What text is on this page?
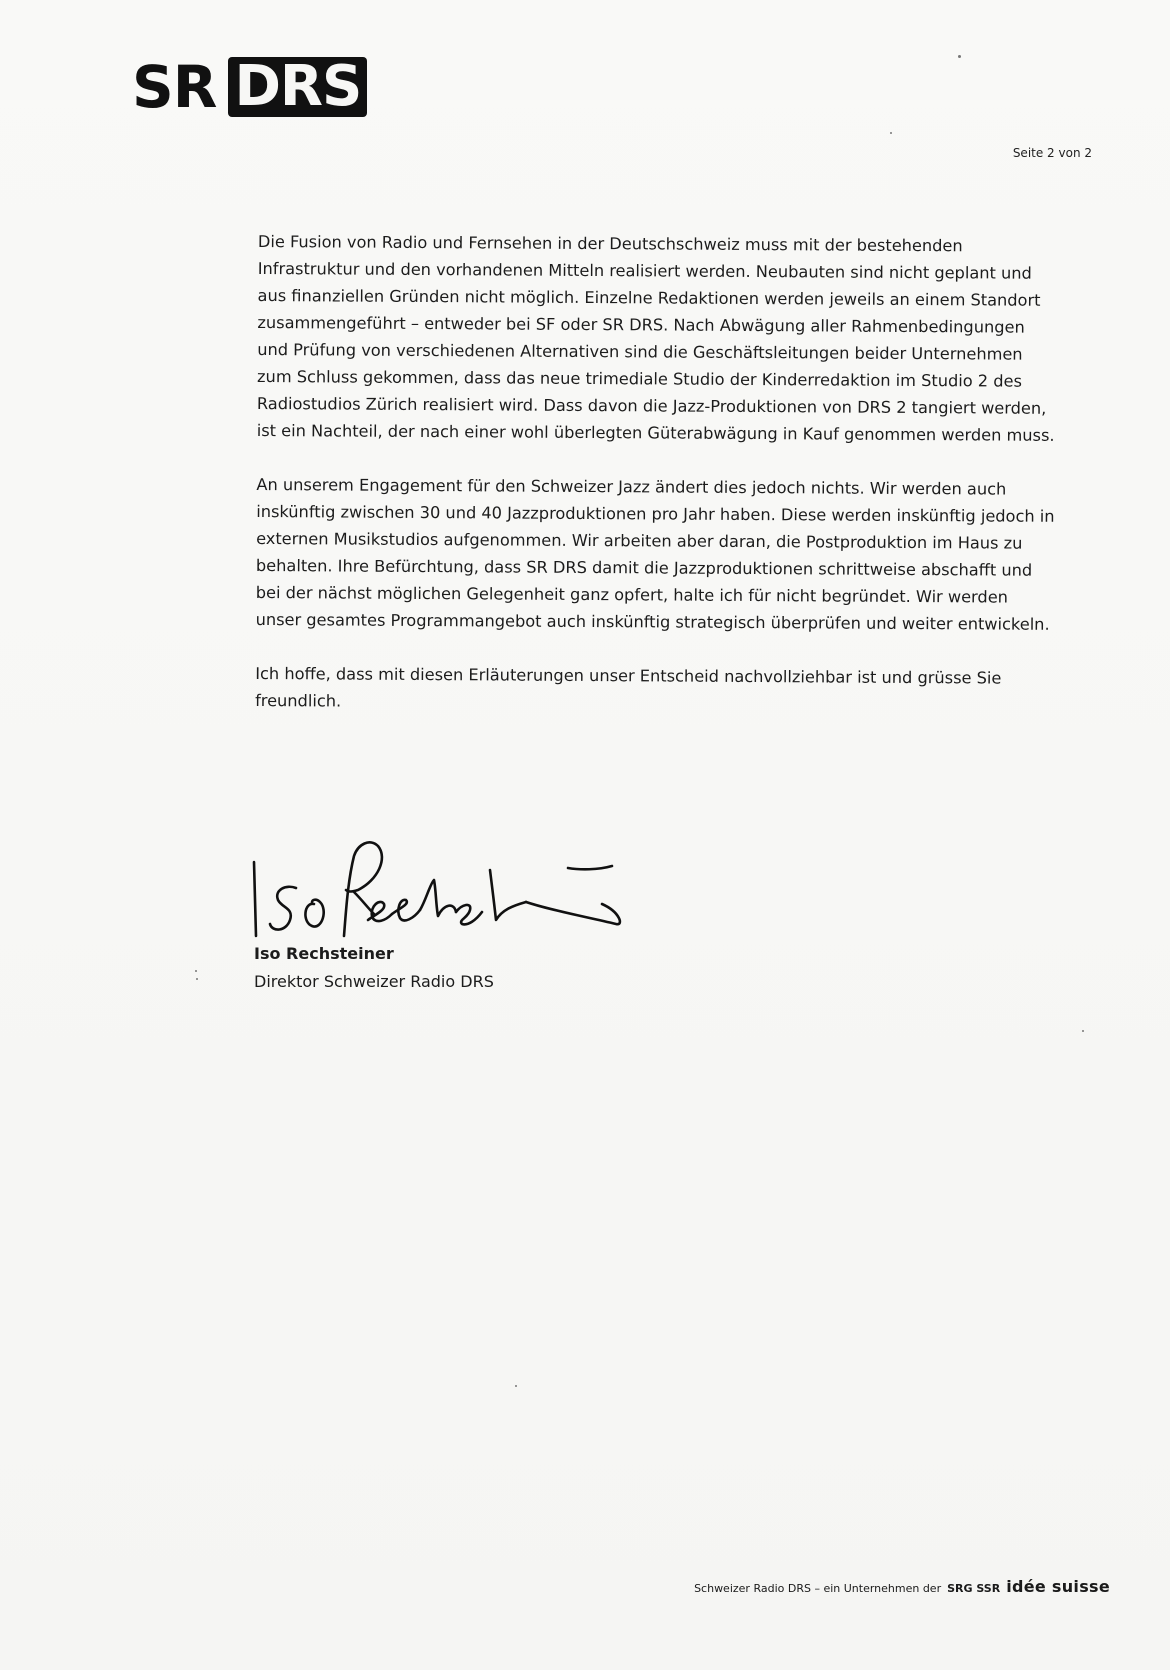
SR DRS
Seite 2 von 2

Die Fusion von Radio und Fernsehen in der Deutschschweiz muss mit der bestehenden Infrastruktur und den vorhandenen Mitteln realisiert werden. Neubauten sind nicht geplant und aus finanziellen Gründen nicht möglich. Einzelne Redaktionen werden jeweils an einem Standort zusammengeführt – entweder bei SF oder SR DRS. Nach Abwägung aller Rahmenbedingungen und Prüfung von verschiedenen Alternativen sind die Geschäftsleitungen beider Unternehmen zum Schluss gekommen, dass das neue trimediale Studio der Kinderredaktion im Studio 2 des Radiostudios Zürich realisiert wird. Dass davon die Jazz-Produktionen von DRS 2 tangiert werden, ist ein Nachteil, der nach einer wohl überlegten Güterabwägung in Kauf genommen werden muss.

An unserem Engagement für den Schweizer Jazz ändert dies jedoch nichts. Wir werden auch inskünftig zwischen 30 und 40 Jazzproduktionen pro Jahr haben. Diese werden inskünftig jedoch in externen Musikstudios aufgenommen. Wir arbeiten aber daran, die Postproduktion im Haus zu behalten. Ihre Befürchtung, dass SR DRS damit die Jazzproduktionen schrittweise abschafft und bei der nächst möglichen Gelegenheit ganz opfert, halte ich für nicht begründet. Wir werden unser gesamtes Programmangebot auch inskünftig strategisch überprüfen und weiter entwickeln.

Ich hoffe, dass mit diesen Erläuterungen unser Entscheid nachvollziehbar ist und grüsse Sie freundlich.

Iso Rechsteiner
Direktor Schweizer Radio DRS
Schweizer Radio DRS – ein Unternehmen der SRG SSR idée suisse
